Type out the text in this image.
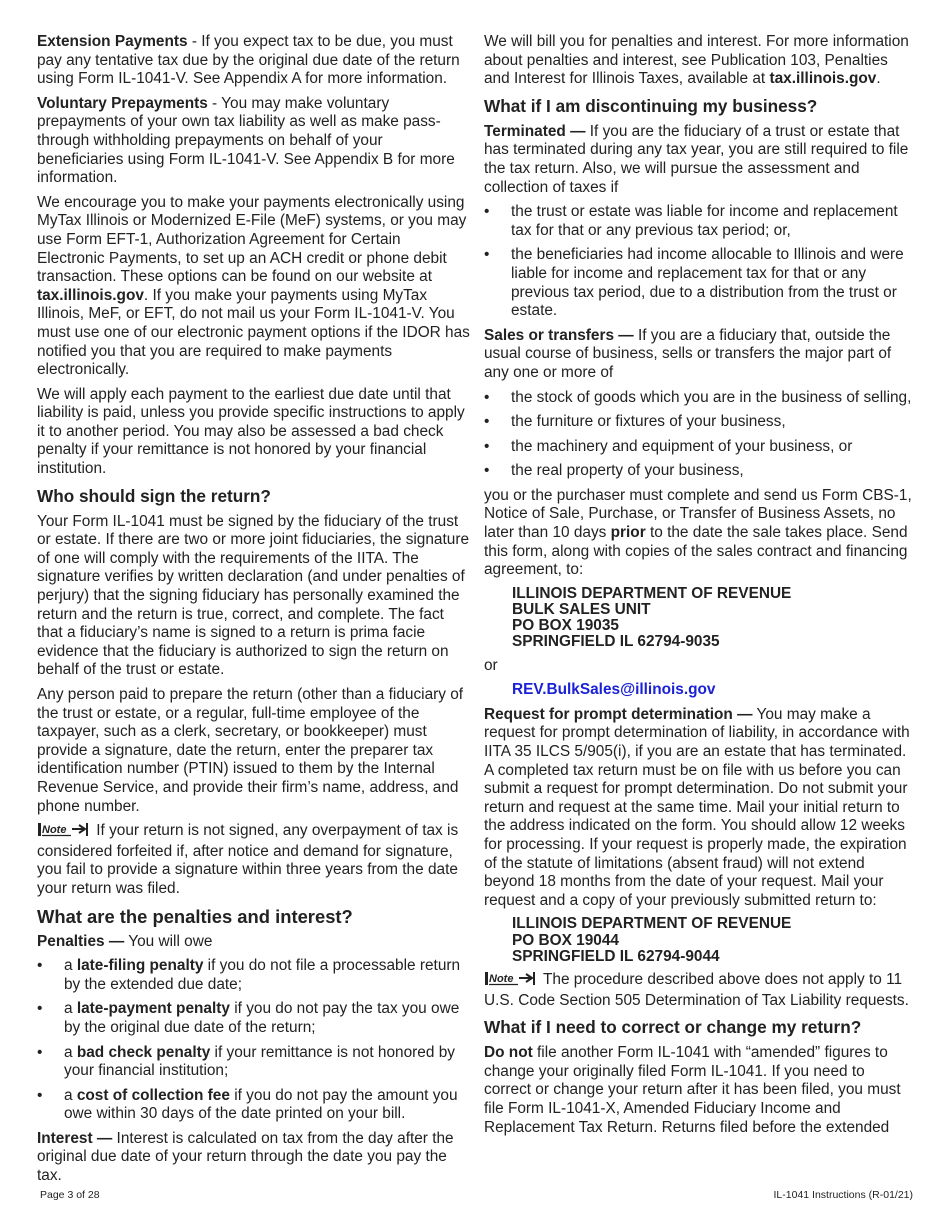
Extension Payments - If you expect tax to be due, you must pay any tentative tax due by the original due date of the return using Form IL-1041-V. See Appendix A for more information.

Voluntary Prepayments - You may make voluntary prepayments of your own tax liability as well as make pass-through withholding prepayments on behalf of your beneficiaries using Form IL-1041-V. See Appendix B for more information.

We encourage you to make your payments electronically using MyTax Illinois or Modernized E-File (MeF) systems, or you may use Form EFT-1, Authorization Agreement for Certain Electronic Payments, to set up an ACH credit or phone debit transaction. These options can be found on our website at tax.illinois.gov. If you make your payments using MyTax Illinois, MeF, or EFT, do not mail us your Form IL-1041-V. You must use one of our electronic payment options if the IDOR has notified you that you are required to make payments electronically.

We will apply each payment to the earliest due date until that liability is paid, unless you provide specific instructions to apply it to another period. You may also be assessed a bad check penalty if your remittance is not honored by your financial institution.

Who should sign the return?

Your Form IL-1041 must be signed by the fiduciary of the trust or estate. If there are two or more joint fiduciaries, the signature of one will comply with the requirements of the IITA. The signature verifies by written declaration (and under penalties of perjury) that the signing fiduciary has personally examined the return and the return is true, correct, and complete. The fact that a fiduciary’s name is signed to a return is prima facie evidence that the fiduciary is authorized to sign the return on behalf of the trust or estate.

Any person paid to prepare the return (other than a fiduciary of the trust or estate, or a regular, full-time employee of the taxpayer, such as a clerk, secretary, or bookkeeper) must provide a signature, date the return, enter the preparer tax identification number (PTIN) issued to them by the Internal Revenue Service, and provide their firm’s name, address, and phone number.

Note If your return is not signed, any overpayment of tax is considered forfeited if, after notice and demand for signature, you fail to provide a signature within three years from the date your return was filed.

What are the penalties and interest?

Penalties — You will owe

• a late-filing penalty if you do not file a processable return by the extended due date;
• a late-payment penalty if you do not pay the tax you owe by the original due date of the return;
• a bad check penalty if your remittance is not honored by your financial institution;
• a cost of collection fee if you do not pay the amount you owe within 30 days of the date printed on your bill.

Interest — Interest is calculated on tax from the day after the original due date of your return through the date you pay the tax.

We will bill you for penalties and interest. For more information about penalties and interest, see Publication 103, Penalties and Interest for Illinois Taxes, available at tax.illinois.gov.

What if I am discontinuing my business?

Terminated — If you are the fiduciary of a trust or estate that has terminated during any tax year, you are still required to file the tax return. Also, we will pursue the assessment and collection of taxes if

• the trust or estate was liable for income and replacement tax for that or any previous tax period; or,
• the beneficiaries had income allocable to Illinois and were liable for income and replacement tax for that or any previous tax period, due to a distribution from the trust or estate.

Sales or transfers — If you are a fiduciary that, outside the usual course of business, sells or transfers the major part of any one or more of

• the stock of goods which you are in the business of selling,
• the furniture or fixtures of your business,
• the machinery and equipment of your business, or
• the real property of your business,

you or the purchaser must complete and send us Form CBS-1, Notice of Sale, Purchase, or Transfer of Business Assets, no later than 10 days prior to the date the sale takes place. Send this form, along with copies of the sales contract and financing agreement, to:

ILLINOIS DEPARTMENT OF REVENUE
BULK SALES UNIT
PO BOX 19035
SPRINGFIELD IL 62794-9035

or

REV.BulkSales@illinois.gov

Request for prompt determination — You may make a request for prompt determination of liability, in accordance with IITA 35 ILCS 5/905(i), if you are an estate that has terminated. A completed tax return must be on file with us before you can submit a request for prompt determination. Do not submit your return and request at the same time. Mail your initial return to the address indicated on the form. You should allow 12 weeks for processing. If your request is properly made, the expiration of the statute of limitations (absent fraud) will not extend beyond 18 months from the date of your request. Mail your request and a copy of your previously submitted return to:

ILLINOIS DEPARTMENT OF REVENUE
PO BOX 19044
SPRINGFIELD IL 62794-9044

Note The procedure described above does not apply to 11 U.S. Code Section 505 Determination of Tax Liability requests.

What if I need to correct or change my return?

Do not file another Form IL-1041 with “amended” figures to change your originally filed Form IL-1041. If you need to correct or change your return after it has been filed, you must file Form IL-1041-X, Amended Fiduciary Income and Replacement Tax Return. Returns filed before the extended

Page 3 of 28	IL-1041 Instructions (R-01/21)
